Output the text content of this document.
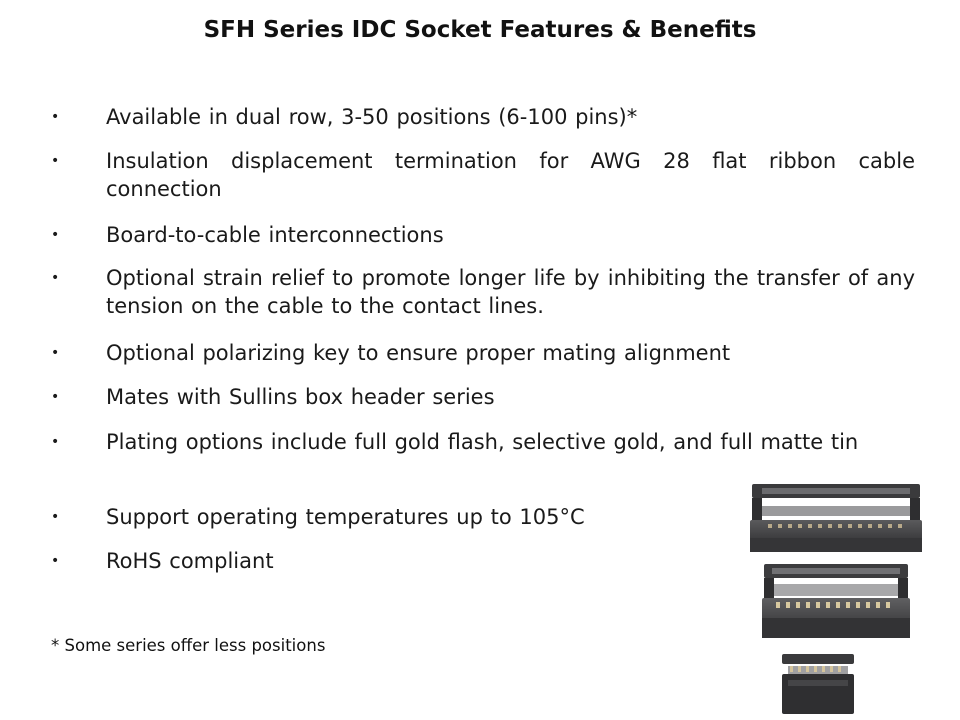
SFH Series IDC Socket Features & Benefits
• Available in dual row, 3-50 positions (6-100 pins)*
• Insulation displacement termination for AWG 28 flat ribbon cable connection
• Board-to-cable interconnections
• Optional strain relief to promote longer life by inhibiting the transfer of any tension on the cable to the contact lines.
• Optional polarizing key to ensure proper mating alignment
• Mates with Sullins box header series
• Plating options include full gold flash, selective gold, and full matte tin
• Support operating temperatures up to 105°C
• RoHS compliant
* Some series offer less positions
